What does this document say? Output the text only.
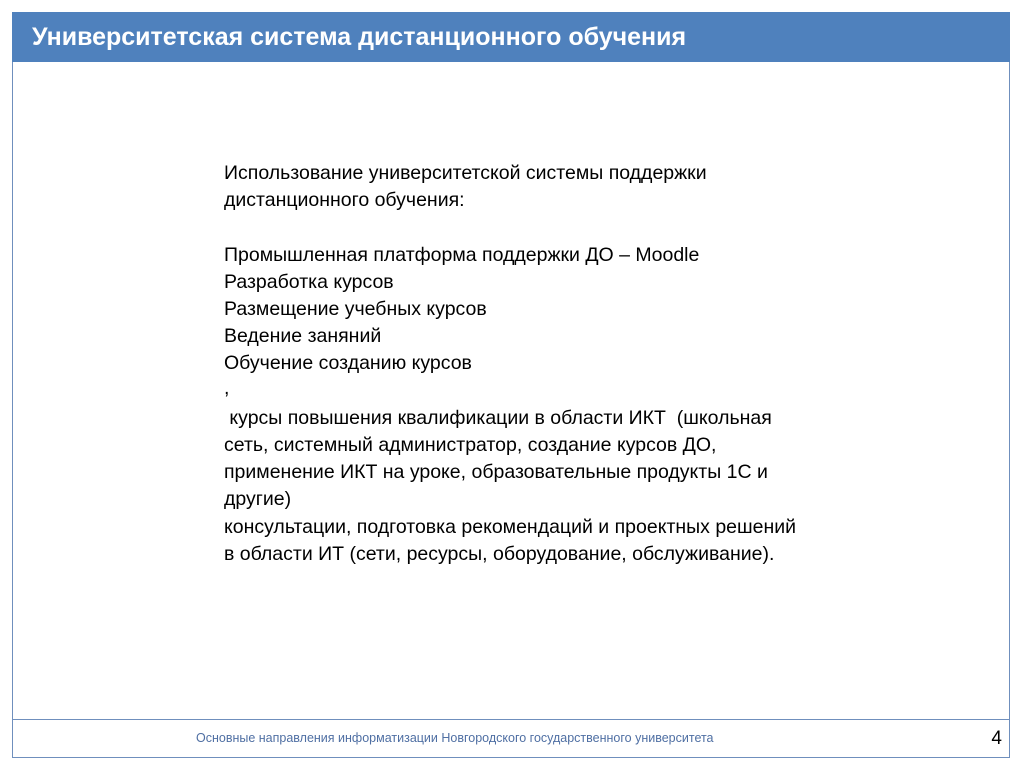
Университетская система дистанционного обучения
Использование университетской системы поддержки
дистанционного обучения:
Промышленная платформа поддержки ДО – Moodle
Разработка курсов
Размещение учебных курсов
Ведение заняний
Обучение созданию курсов
,
курсы повышения квалификации в области ИКТ  (школьная
сеть, системный администратор, создание курсов ДО,
применение ИКТ на уроке, образовательные продукты 1С и
другие)
консультации, подготовка рекомендаций и проектных решений
в области ИТ (сети, ресурсы, оборудование, обслуживание).
Основные направления информатизации Новгородского государственного университета	4
